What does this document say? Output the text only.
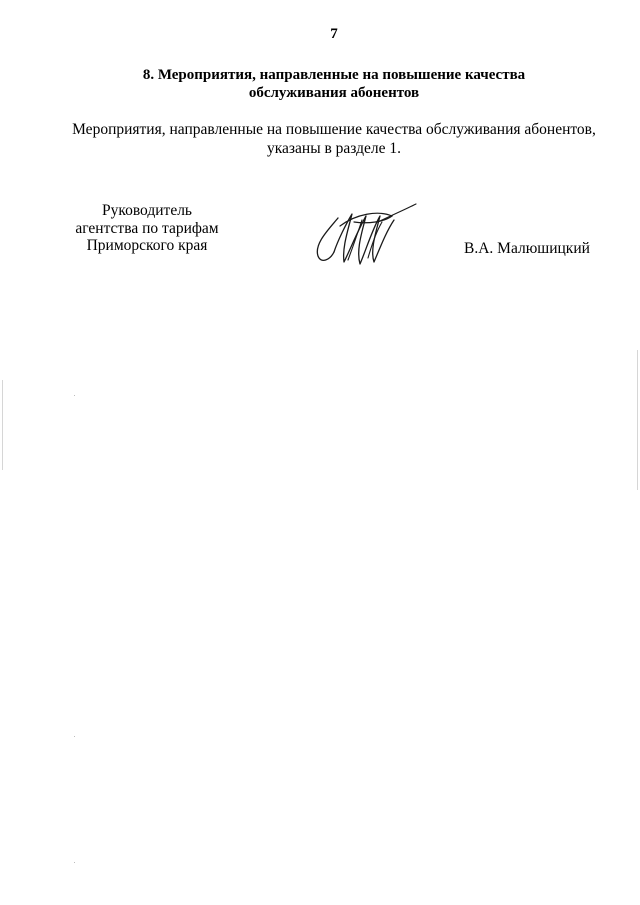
7
8. Мероприятия, направленные на повышение качества
обслуживания абонентов
Мероприятия, направленные на повышение качества обслуживания абонентов,
указаны в разделе 1.
Руководитель
агентства по тарифам
Приморского края	В.А. Малюшицкий
